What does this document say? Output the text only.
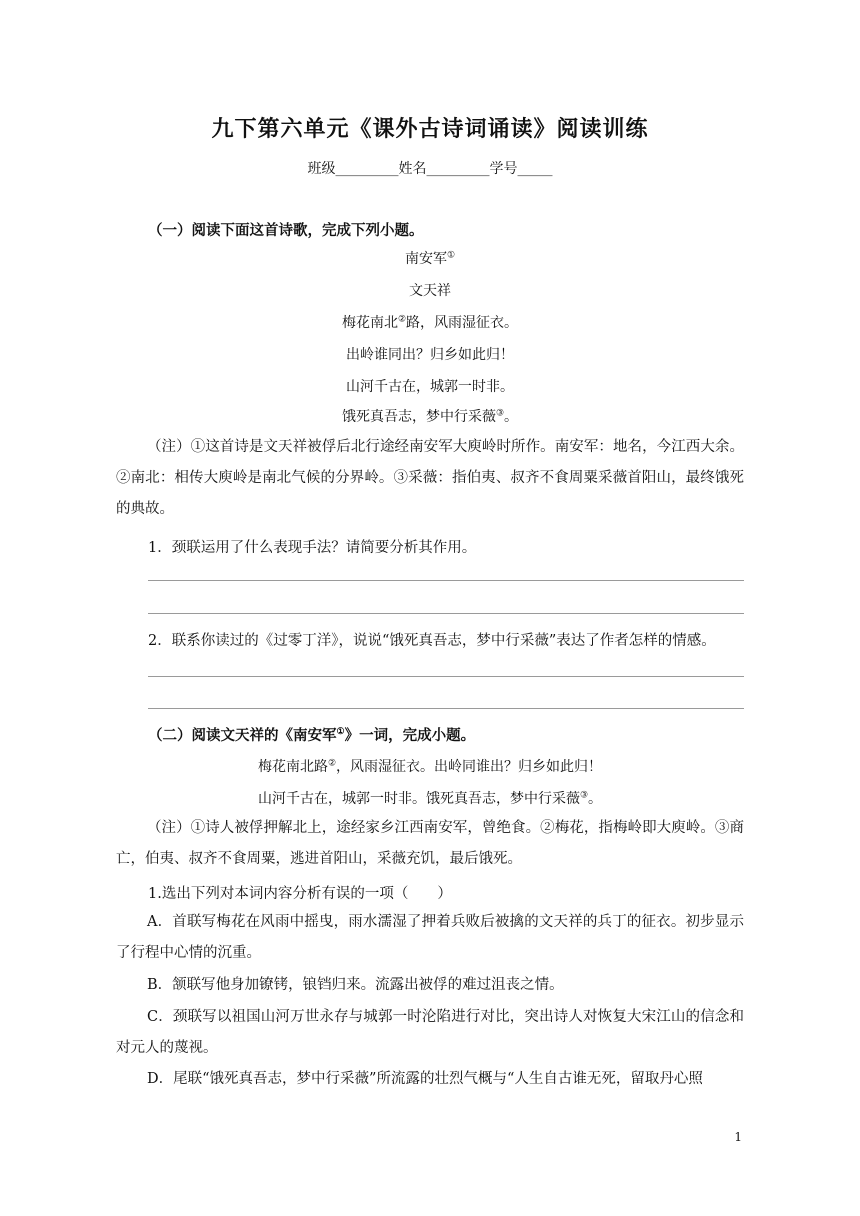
九下第六单元《课外古诗词诵读》阅读训练
班级_________姓名_________学号_____
（一）阅读下面这首诗歌，完成下列小题。
南安军①
文天祥
梅花南北②路，风雨湿征衣。
出岭谁同出？归乡如此归！
山河千古在，城郭一时非。
饿死真吾志，梦中行采薇③。
（注）①这首诗是文天祥被俘后北行途经南安军大庾岭时所作。南安军：地名，今江西大余。②南北：相传大庾岭是南北气候的分界岭。③采薇：指伯夷、叔齐不食周粟采薇首阳山，最终饿死的典故。
1．颈联运用了什么表现手法？请简要分析其作用。
2．联系你读过的《过零丁洋》，说说“饿死真吾志，梦中行采薇”表达了作者怎样的情感。
（二）阅读文天祥的《南安军①》一词，完成小题。
梅花南北路②，风雨湿征衣。出岭同谁出？归乡如此归！
山河千古在，城郭一时非。饿死真吾志，梦中行采薇③。
（注）①诗人被俘押解北上，途经家乡江西南安军，曾绝食。②梅花，指梅岭即大庾岭。③商亡，伯夷、叔齐不食周粟，逃进首阳山，采薇充饥，最后饿死。
1.选出下列对本词内容分析有误的一项（　　）
A．首联写梅花在风雨中摇曳，雨水濡湿了押着兵败后被擒的文天祥的兵丁的征衣。初步显示了行程中心情的沉重。
B．颔联写他身加镣铐，锒铛归来。流露出被俘的难过沮丧之情。
C．颈联写以祖国山河万世永存与城郭一时沦陷进行对比，突出诗人对恢复大宋江山的信念和对元人的蔑视。
D．尾联“饿死真吾志，梦中行采薇”所流露的壮烈气概与“人生自古谁无死，留取丹心照
1
